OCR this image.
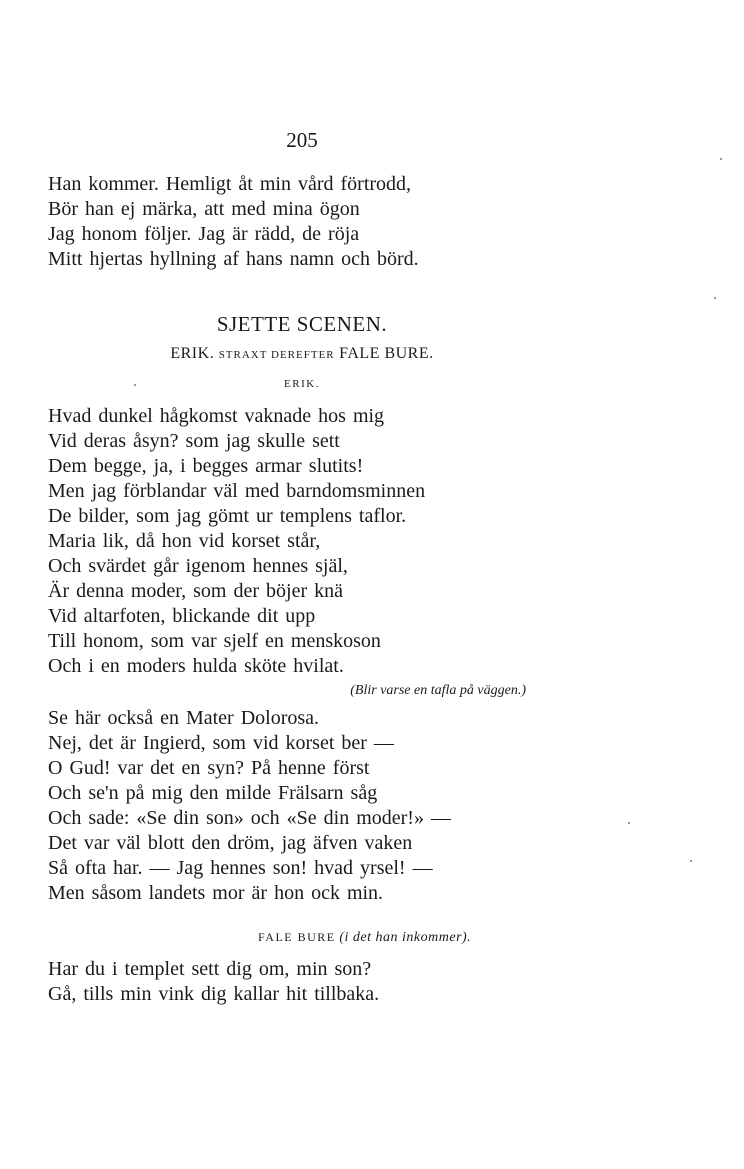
205
Han kommer. Hemligt åt min vård förtrodd,
Bör han ej märka, att med mina ögon
Jag honom följer. Jag är rädd, de röja
Mitt hjertas hyllning af hans namn och börd.
SJETTE SCENEN.
ERIK. STRAXT DEREFTER FALE BURE.
ERIK.
Hvad dunkel hågkomst vaknade hos mig
Vid deras åsyn? som jag skulle sett
Dem begge, ja, i begges armar slutits!
Men jag förblandar väl med barndomsminnen
De bilder, som jag gömt ur templens taflor.
Maria lik, då hon vid korset står,
Och svärdet går igenom hennes själ,
Är denna moder, som der böjer knä
Vid altarfoten, blickande dit upp
Till honom, som var sjelf en menskoson
Och i en moders hulda sköte hvilat.
(Blir varse en tafla på väggen.)
Se här också en Mater Dolorosa.
Nej, det är Ingierd, som vid korset ber —
O Gud! var det en syn? På henne först
Och se'n på mig den milde Frälsarn såg
Och sade: «Se din son» och «Se din moder!» —
Det var väl blott den dröm, jag äfven vaken
Så ofta har. — Jag hennes son! hvad yrsel! —
Men såsom landets mor är hon ock min.
FALE BURE (i det han inkommer).
Har du i templet sett dig om, min son?
Gå, tills min vink dig kallar hit tillbaka.
